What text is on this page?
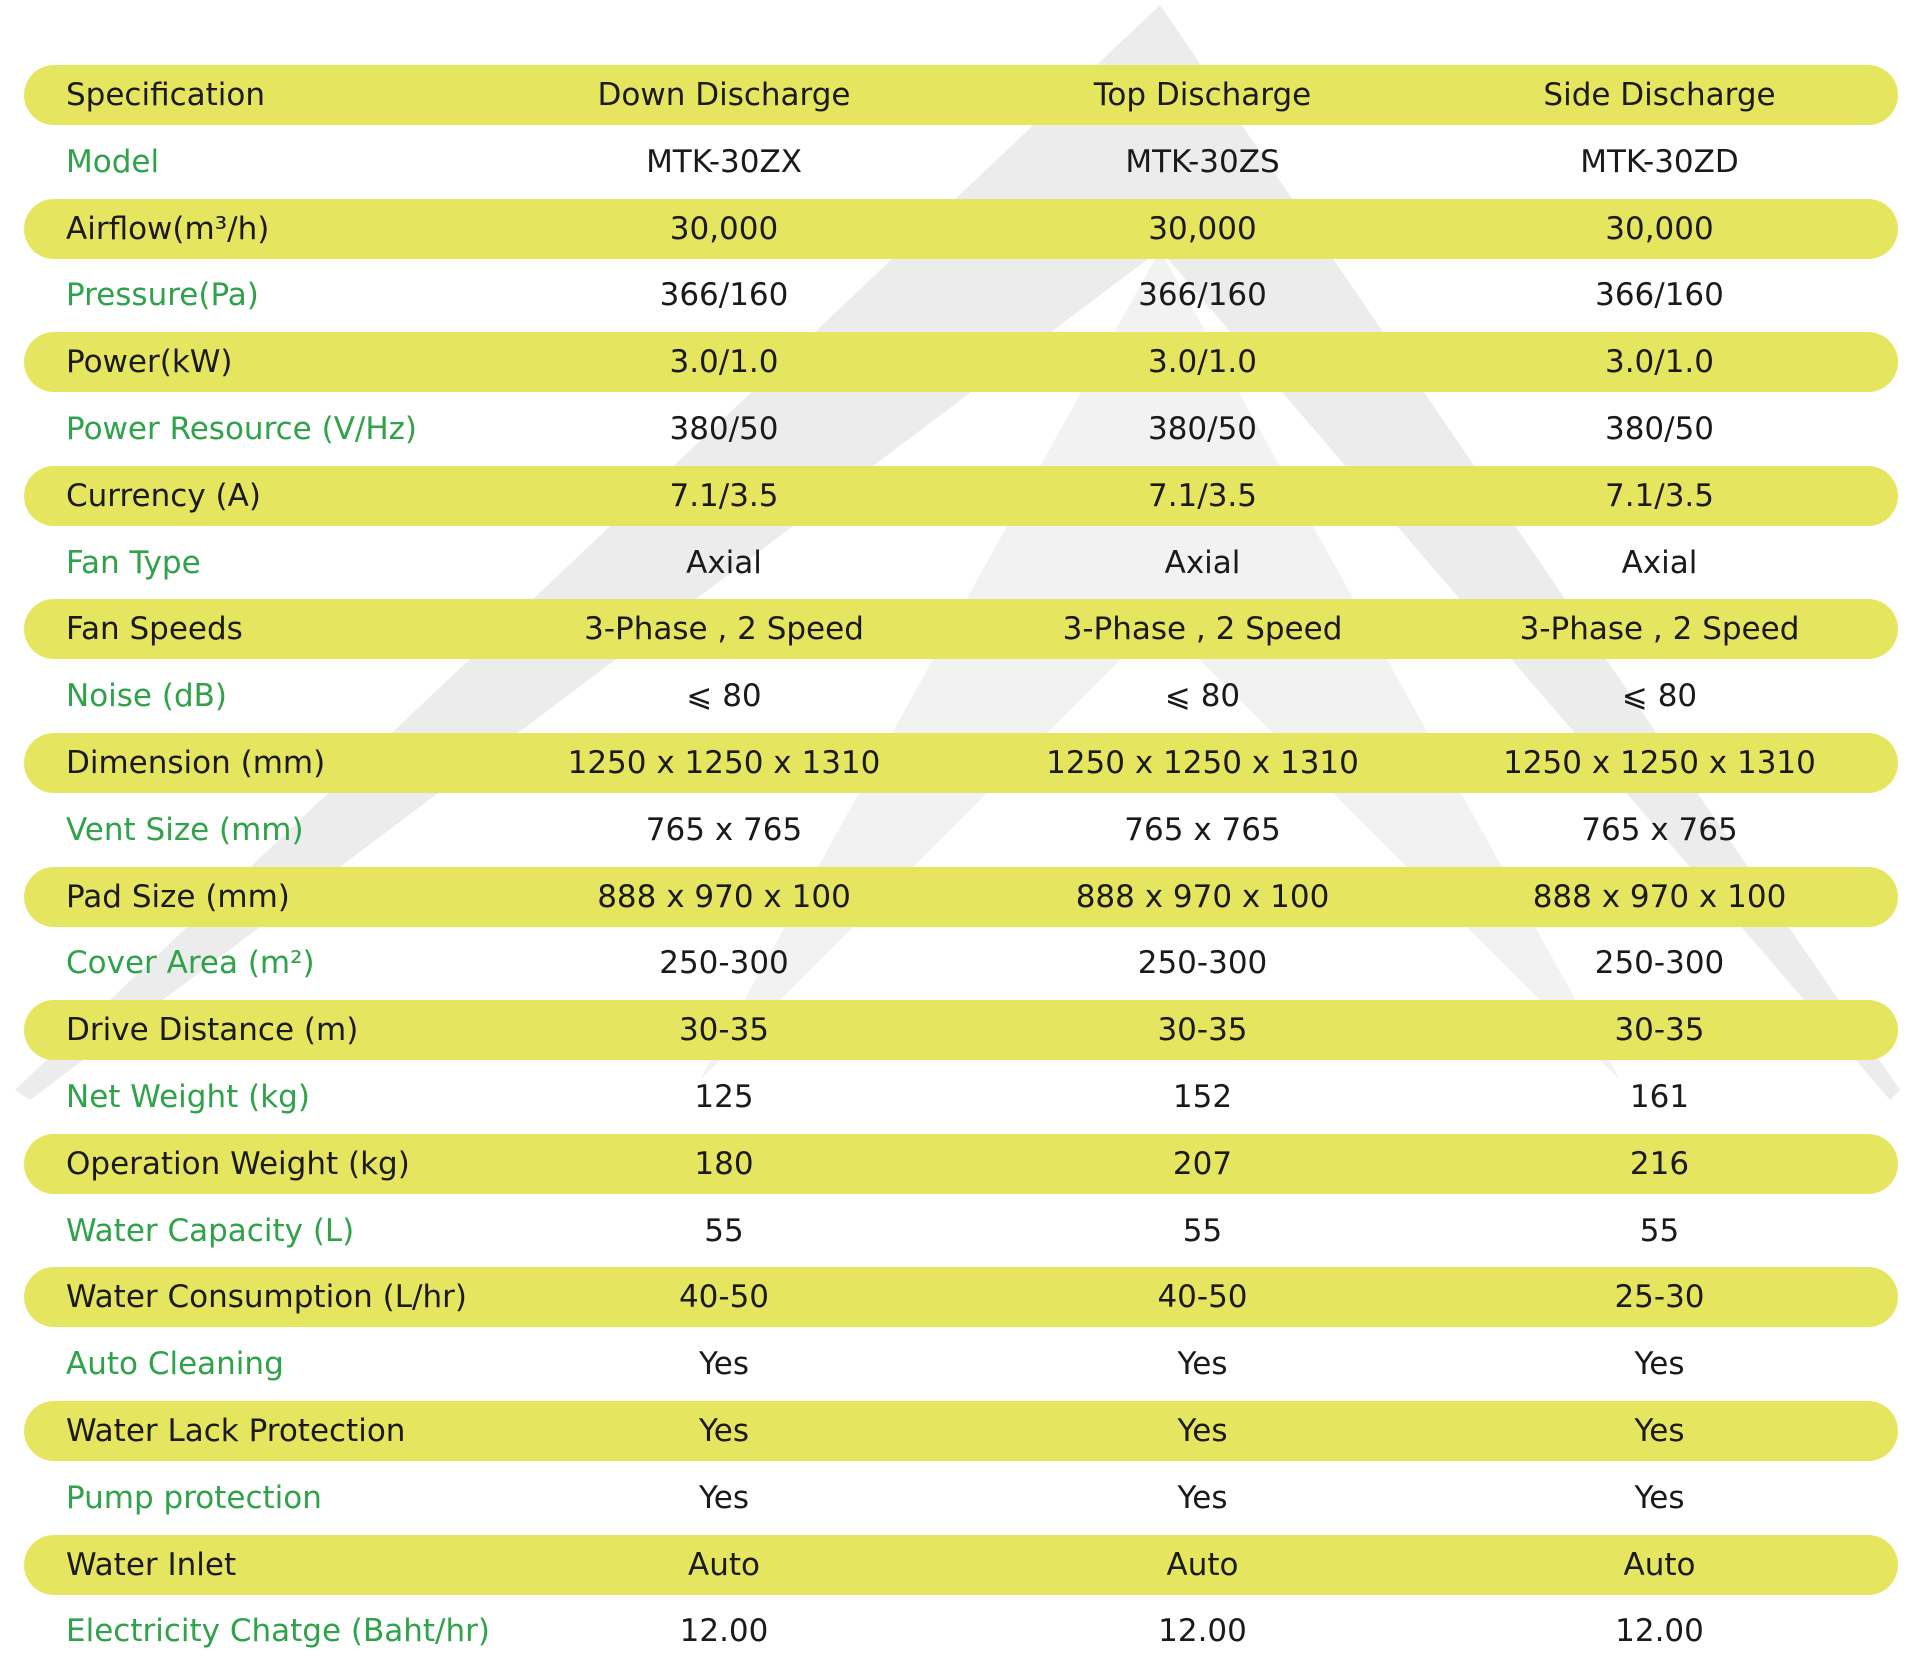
Specification	Down Discharge	Top Discharge	Side Discharge
Model	MTK-30ZX	MTK-30ZS	MTK-30ZD
Airflow(m³/h)	30,000	30,000	30,000
Pressure(Pa)	366/160	366/160	366/160
Power(kW)	3.0/1.0	3.0/1.0	3.0/1.0
Power Resource (V/Hz)	380/50	380/50	380/50
Currency (A)	7.1/3.5	7.1/3.5	7.1/3.5
Fan Type	Axial	Axial	Axial
Fan Speeds	3-Phase , 2 Speed	3-Phase , 2 Speed	3-Phase , 2 Speed
Noise (dB)	⩽ 80	⩽ 80	⩽ 80
Dimension (mm)	1250 x 1250 x 1310	1250 x 1250 x 1310	1250 x 1250 x 1310
Vent Size (mm)	765 x 765	765 x 765	765 x 765
Pad Size (mm)	888 x 970 x 100	888 x 970 x 100	888 x 970 x 100
Cover Area (m²)	250-300	250-300	250-300
Drive Distance (m)	30-35	30-35	30-35
Net Weight (kg)	125	152	161
Operation Weight (kg)	180	207	216
Water Capacity (L)	55	55	55
Water Consumption (L/hr)	40-50	40-50	25-30
Auto Cleaning	Yes	Yes	Yes
Water Lack Protection	Yes	Yes	Yes
Pump protection	Yes	Yes	Yes
Water Inlet	Auto	Auto	Auto
Electricity Chatge (Baht/hr)	12.00	12.00	12.00
